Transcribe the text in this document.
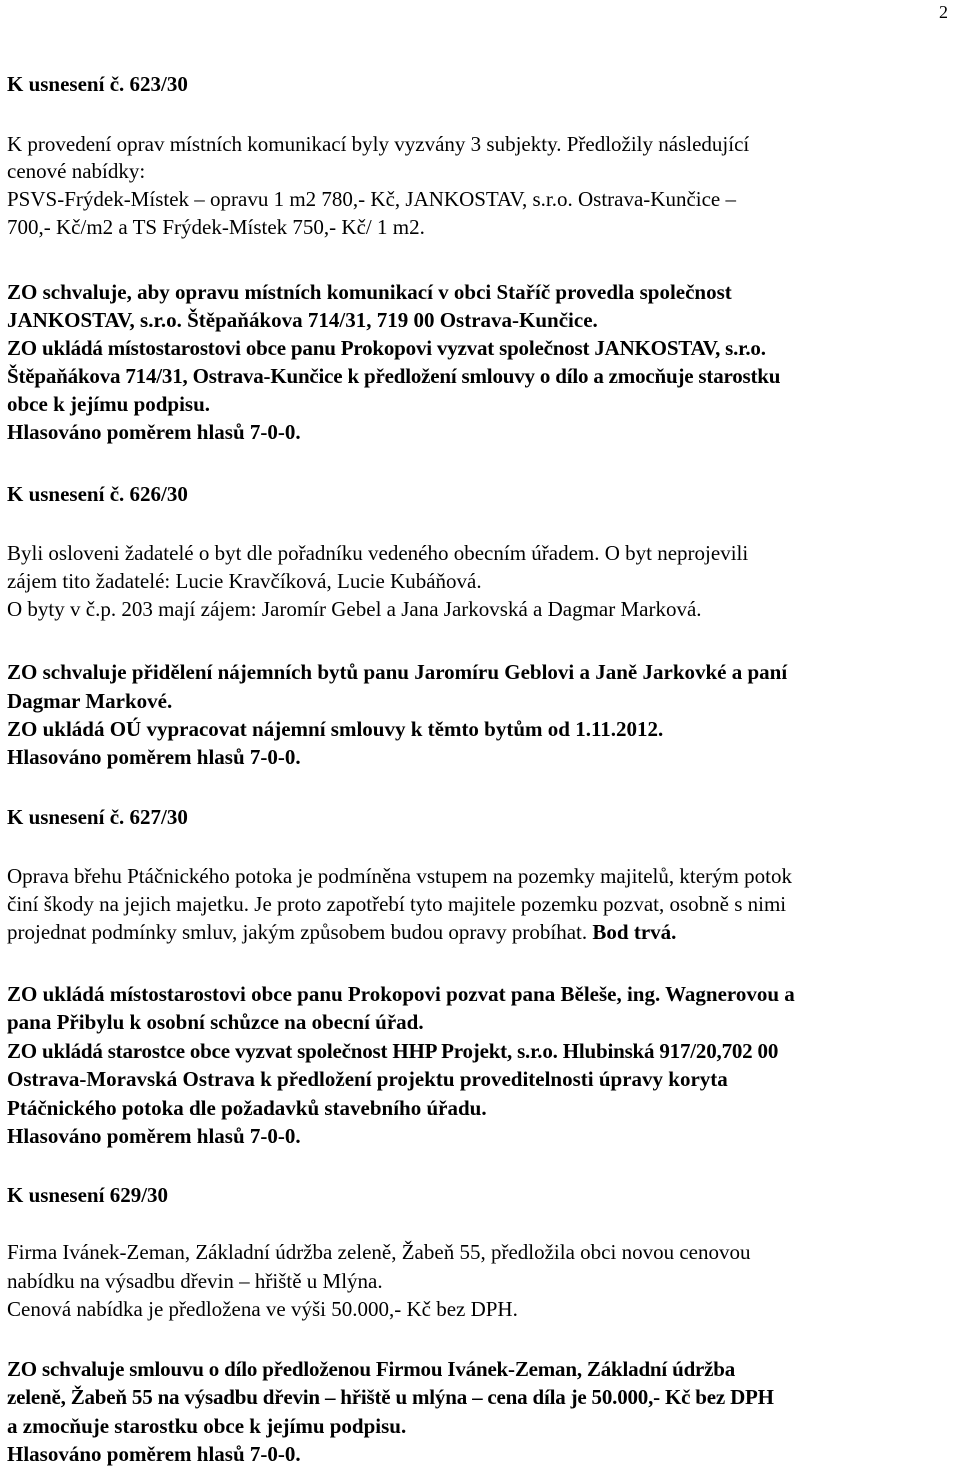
2

K usnesení č. 623/30

K provedení oprav místních komunikací byly vyzvány 3 subjekty. Předložily následující

cenové nabídky:

PSVS-Frýdek-Místek – opravu 1 m2 780,- Kč, JANKOSTAV, s.r.o. Ostrava-Kunčice –

700,- Kč/m2 a TS Frýdek-Místek 750,- Kč/ 1 m2.

ZO schvaluje, aby opravu místních komunikací v obci Staříč provedla společnost

JANKOSTAV, s.r.o. Štěpaňákova 714/31, 719 00 Ostrava-Kunčice.

ZO ukládá místostarostovi obce panu Prokopovi vyzvat společnost JANKOSTAV, s.r.o.

Štěpaňákova 714/31, Ostrava-Kunčice k předložení smlouvy o dílo a zmocňuje starostku

obce k jejímu podpisu.

Hlasováno poměrem hlasů 7-0-0.

K usnesení č. 626/30

Byli osloveni žadatelé o byt dle pořadníku vedeného obecním úřadem. O byt neprojevili

zájem tito žadatelé: Lucie Kravčíková, Lucie Kubáňová.

O byty v č.p. 203 mají zájem: Jaromír Gebel a Jana Jarkovská a Dagmar Marková.

ZO schvaluje přidělení nájemních bytů panu Jaromíru Geblovi a Janě Jarkovké a paní

Dagmar Markové.

ZO ukládá OÚ vypracovat nájemní smlouvy k těmto bytům od 1.11.2012.

Hlasováno poměrem hlasů 7-0-0.

K usnesení č. 627/30

Oprava břehu Ptáčnického potoka je podmíněna vstupem na pozemky majitelů, kterým potok

činí škody na jejich majetku. Je proto zapotřebí tyto majitele pozemku pozvat, osobně s nimi

projednat podmínky smluv, jakým způsobem budou opravy probíhat. Bod trvá.

ZO ukládá místostarostovi obce panu Prokopovi pozvat pana Běleše, ing. Wagnerovou a

pana Přibylu k osobní schůzce na obecní úřad.

ZO ukládá starostce obce vyzvat společnost HHP Projekt, s.r.o. Hlubinská 917/20,702 00

Ostrava-Moravská Ostrava k předložení projektu proveditelnosti úpravy koryta

Ptáčnického potoka dle požadavků stavebního úřadu.

Hlasováno poměrem hlasů 7-0-0.

K usnesení 629/30

Firma Ivánek-Zeman, Základní údržba zeleně, Žabeň 55, předložila obci novou cenovou

nabídku na výsadbu dřevin – hřiště u Mlýna.

Cenová nabídka je předložena ve výši 50.000,- Kč bez DPH.

ZO schvaluje smlouvu o dílo předloženou Firmou Ivánek-Zeman, Základní údržba

zeleně, Žabeň 55 na výsadbu dřevin – hřiště u mlýna – cena díla je 50.000,- Kč bez DPH

a zmocňuje starostku obce k jejímu podpisu.

Hlasováno poměrem hlasů 7-0-0.
